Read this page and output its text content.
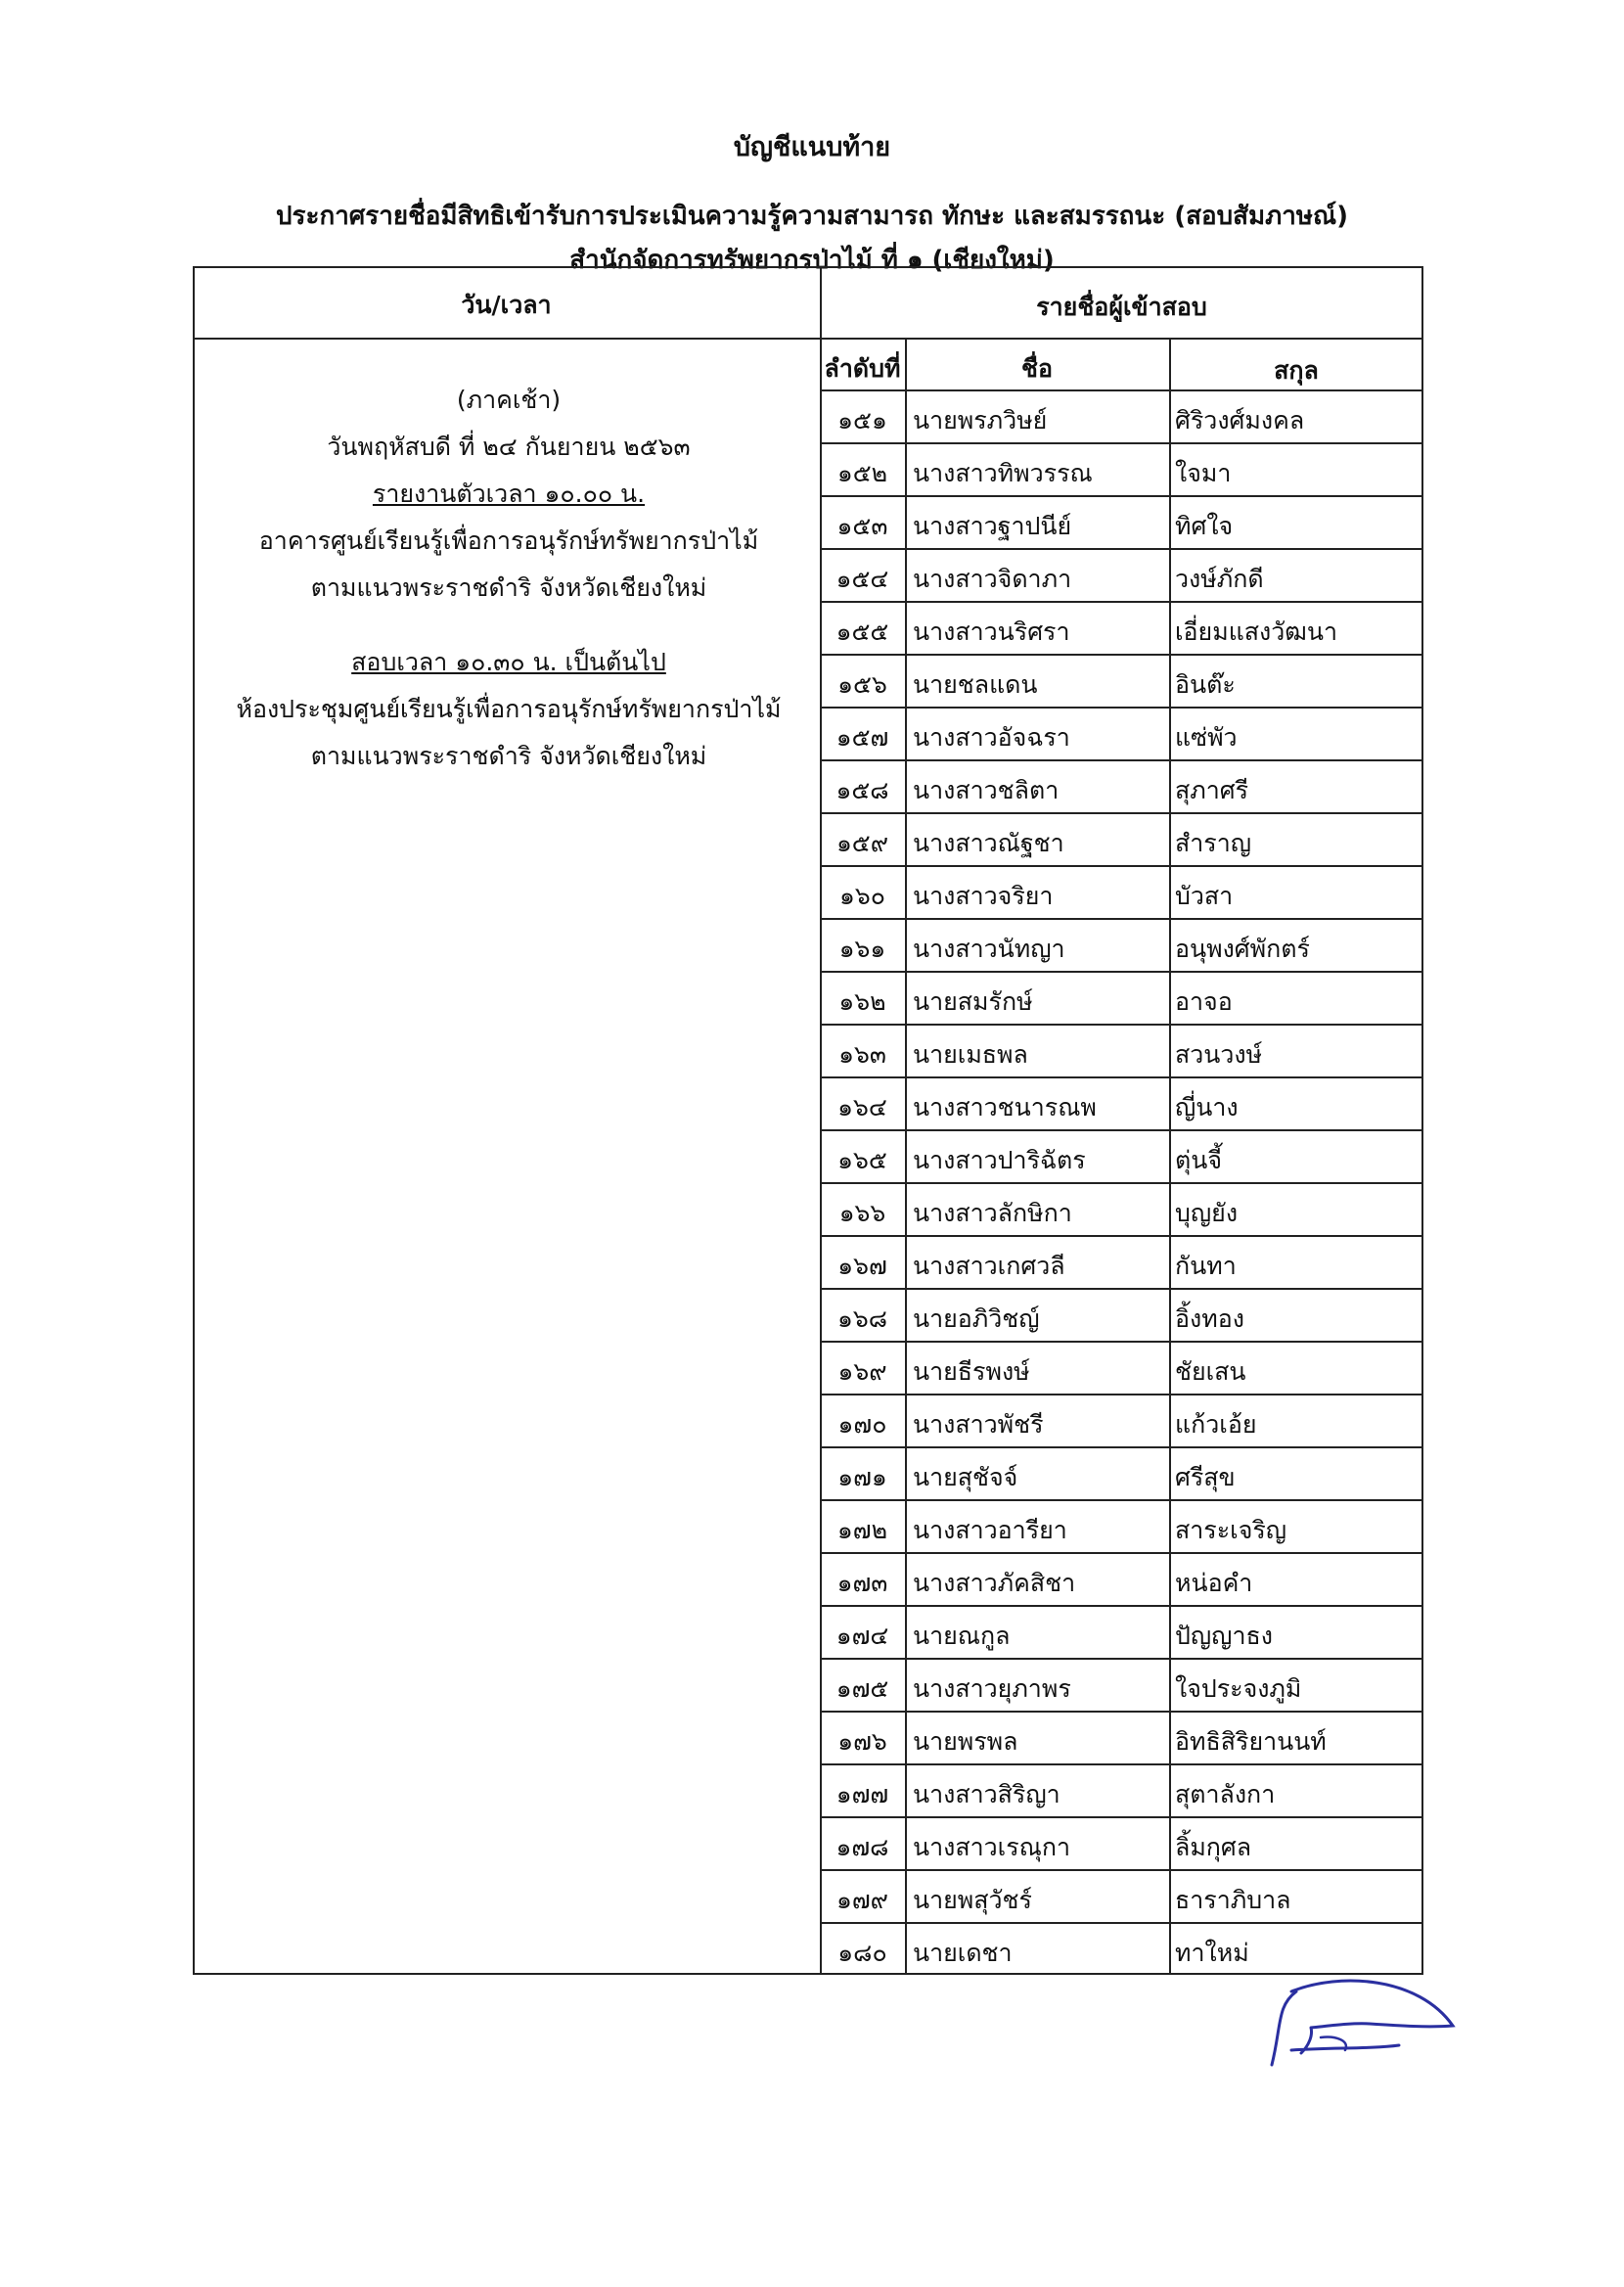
บัญชีแนบท้าย
ประกาศรายชื่อมีสิทธิเข้ารับการประเมินความรู้ความสามารถ ทักษะ และสมรรถนะ (สอบสัมภาษณ์)
สำนักจัดการทรัพยากรป่าไม้ ที่ ๑ (เชียงใหม่)
วัน/เวลา	รายชื่อผู้เข้าสอบ
ลำดับที่	ชื่อ	สกุล
๑๕๑	นายพรภวิษย์	ศิริวงศ์มงคล
๑๕๒	นางสาวทิพวรรณ	ใจมา
๑๕๓	นางสาวฐาปนีย์	ทิศใจ
๑๕๔ นางสาวจิดาภา	วงษ์ภักดี
๑๕๕ นางสาวนริศรา	เอี่ยมแสงวัฒนา
๑๕๖	นายชลแดน	อินต๊ะ
๑๕๗ นางสาวอัจฉรา	แซ่พัว
๑๕๘ นางสาวชลิตา	สุภาศรี
๑๕๙ นางสาวณัฐชา	สำราญ
๑๖๐	นางสาวจริยา	บัวสา
๑๖๑	นางสาวนัทญา	อนุพงศ์พักตร์
๑๖๒	นายสมรักษ์	อาจอ
๑๖๓	นายเมธพล	สวนวงษ์
๑๖๔	นางสาวชนารณพ	ญี่นาง
๑๖๕	นางสาวปาริฉัตร	ตุ่นจี้
๑๖๖	นางสาวลักษิกา	บุญยัง
๑๖๗	นางสาวเกศวลี	กันทา
๑๖๘	นายอภิวิชญ์	อิ้งทอง
๑๖๙	นายธีรพงษ์	ชัยเสน
๑๗๐	นางสาวพัชรี	แก้วเอ้ย
๑๗๑	นายสุชัจจ์	ศรีสุข
๑๗๒	นางสาวอารียา	สาระเจริญ
๑๗๓	นางสาวภัคสิชา	หน่อคำ
๑๗๔ นายณกูล	ปัญญาธง
๑๗๕ นางสาวยุภาพร	ใจประจงภูมิ
๑๗๖	นายพรพล	อิทธิสิริยานนท์
๑๗๗ นางสาวสิริญา	สุตาลังกา
๑๗๘ นางสาวเรณุกา	ลิ้มกุศล
๑๗๙	นายพสุวัชร์	ธาราภิบาล
๑๘๐	นายเดชา	ทาใหม่
(ภาคเช้า)
วันพฤหัสบดี ที่ ๒๔ กันยายน ๒๕๖๓
รายงานตัวเวลา ๑๐.๐๐ น.
อาคารศูนย์เรียนรู้เพื่อการอนุรักษ์ทรัพยากรป่าไม้
ตามแนวพระราชดำริ จังหวัดเชียงใหม่
สอบเวลา ๑๐.๓๐ น. เป็นต้นไป
ห้องประชุมศูนย์เรียนรู้เพื่อการอนุรักษ์ทรัพยากรป่าไม้
ตามแนวพระราชดำริ จังหวัดเชียงใหม่
